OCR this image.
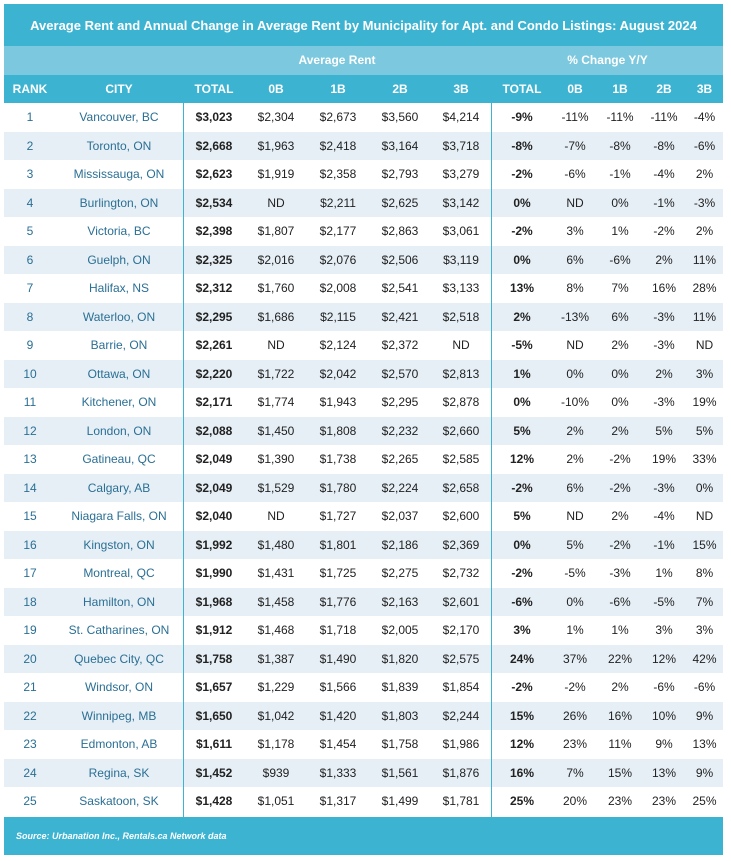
Average Rent and Annual Change in Average Rent by Municipality for Apt. and Condo Listings: August 2024
Average Rent	% Change Y/Y
RANK	CITY	TOTAL	0B	1B	2B	3B	TOTAL	0B	1B	2B	3B
1	Vancouver, BC	$3,023	$2,304	$2,673	$3,560	$4,214	-9%	-11%	-11%	-11%	-4%
2	Toronto, ON	$2,668	$1,963	$2,418	$3,164	$3,718	-8%	-7%	-8%	-8%	-6%
3	Mississauga, ON	$2,623	$1,919	$2,358	$2,793	$3,279	-2%	-6%	-1%	-4%	2%
4	Burlington, ON	$2,534	ND	$2,211	$2,625	$3,142	0%	ND	0%	-1%	-3%
5	Victoria, BC	$2,398	$1,807	$2,177	$2,863	$3,061	-2%	3%	1%	-2%	2%
6	Guelph, ON	$2,325	$2,016	$2,076	$2,506	$3,119	0%	6%	-6%	2%	11%
7	Halifax, NS	$2,312	$1,760	$2,008	$2,541	$3,133	13%	8%	7%	16%	28%
8	Waterloo, ON	$2,295	$1,686	$2,115	$2,421	$2,518	2%	-13%	6%	-3%	11%
9	Barrie, ON	$2,261	ND	$2,124	$2,372	ND	-5%	ND	2%	-3%	ND
10	Ottawa, ON	$2,220	$1,722	$2,042	$2,570	$2,813	1%	0%	0%	2%	3%
11	Kitchener, ON	$2,171	$1,774	$1,943	$2,295	$2,878	0%	-10%	0%	-3%	19%
12	London, ON	$2,088	$1,450	$1,808	$2,232	$2,660	5%	2%	2%	5%	5%
13	Gatineau, QC	$2,049	$1,390	$1,738	$2,265	$2,585	12%	2%	-2%	19%	33%
14	Calgary, AB	$2,049	$1,529	$1,780	$2,224	$2,658	-2%	6%	-2%	-3%	0%
15	Niagara Falls, ON	$2,040	ND	$1,727	$2,037	$2,600	5%	ND	2%	-4%	ND
16	Kingston, ON	$1,992	$1,480	$1,801	$2,186	$2,369	0%	5%	-2%	-1%	15%
17	Montreal, QC	$1,990	$1,431	$1,725	$2,275	$2,732	-2%	-5%	-3%	1%	8%
18	Hamilton, ON	$1,968	$1,458	$1,776	$2,163	$2,601	-6%	0%	-6%	-5%	7%
19	St. Catharines, ON	$1,912	$1,468	$1,718	$2,005	$2,170	3%	1%	1%	3%	3%
20	Quebec City, QC	$1,758	$1,387	$1,490	$1,820	$2,575	24%	37%	22%	12%	42%
21	Windsor, ON	$1,657	$1,229	$1,566	$1,839	$1,854	-2%	-2%	2%	-6%	-6%
22	Winnipeg, MB	$1,650	$1,042	$1,420	$1,803	$2,244	15%	26%	16%	10%	9%
23	Edmonton, AB	$1,611	$1,178	$1,454	$1,758	$1,986	12%	23%	11%	9%	13%
24	Regina, SK	$1,452	$939	$1,333	$1,561	$1,876	16%	7%	15%	13%	9%
25	Saskatoon, SK	$1,428	$1,051	$1,317	$1,499	$1,781	25%	20%	23%	23%	25%
Source: Urbanation Inc., Rentals.ca Network data
